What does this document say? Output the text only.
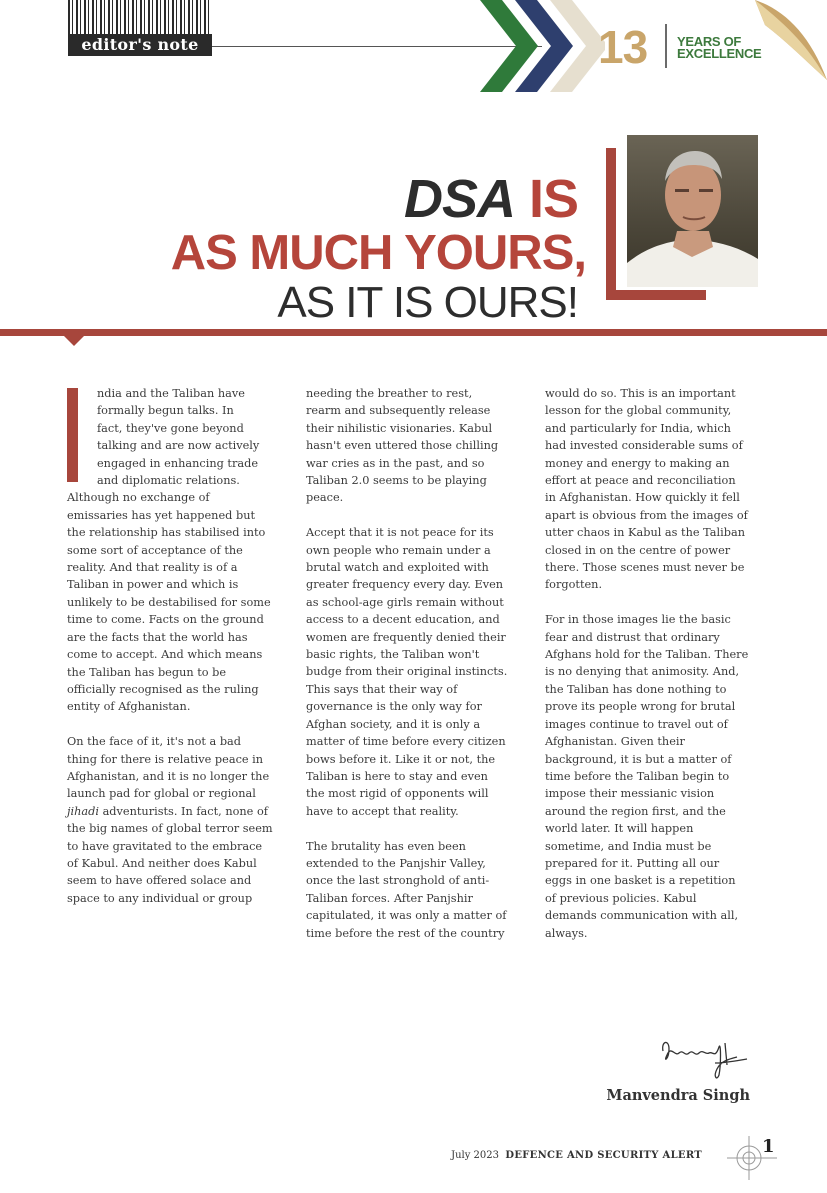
editor's note	13 YEARS OF
EXCELLENCE
DSA IS
AS MUCH YOURS,
AS IT IS OURS!

ndia and the Taliban have
formally begun talks. In
fact, they've gone beyond
talking and are now actively
engaged in enhancing trade
and diplomatic relations.
Although no exchange of emissaries has yet happened but the relationship has stabilised into some sort of acceptance of the reality. And that reality is of a Taliban in power and which is unlikely to be destabilised for some time to come. Facts on the ground are the facts that the world has come to accept. And which means the Taliban has begun to be officially recognised as the ruling entity of Afghanistan.

On the face of it, it's not a bad thing for there is relative peace in Afghanistan, and it is no longer the launch pad for global or regional jihadi adventurists. In fact, none of the big names of global terror seem to have gravitated to the embrace of Kabul. And neither does Kabul seem to have offered solace and space to any individual or group

needing the breather to rest, rearm and subsequently release their nihilistic visionaries. Kabul hasn't even uttered those chilling war cries as in the past, and so Taliban 2.0 seems to be playing peace.

Accept that it is not peace for its own people who remain under a brutal watch and exploited with greater frequency every day. Even as school-age girls remain without access to a decent education, and women are frequently denied their basic rights, the Taliban won't budge from their original instincts. This says that their way of governance is the only way for Afghan society, and it is only a matter of time before every citizen bows before it. Like it or not, the Taliban is here to stay and even the most rigid of opponents will have to accept that reality.

The brutality has even been extended to the Panjshir Valley, once the last stronghold of anti-Taliban forces. After Panjshir capitulated, it was only a matter of time before the rest of the country

would do so. This is an important lesson for the global community, and particularly for India, which had invested considerable sums of money and energy to making an effort at peace and reconciliation in Afghanistan. How quickly it fell apart is obvious from the images of utter chaos in Kabul as the Taliban closed in on the centre of power there. Those scenes must never be forgotten.

For in those images lie the basic fear and distrust that ordinary Afghans hold for the Taliban. There is no denying that animosity. And, the Taliban has done nothing to prove its people wrong for brutal images continue to travel out of Afghanistan. Given their background, it is but a matter of time before the Taliban begin to impose their messianic vision around the region first, and the world later. It will happen sometime, and India must be prepared for it. Putting all our eggs in one basket is a repetition of previous policies. Kabul demands communication with all, always.

Manvendra Singh
July 2023 DEFENCE AND SECURITY ALERT	1
